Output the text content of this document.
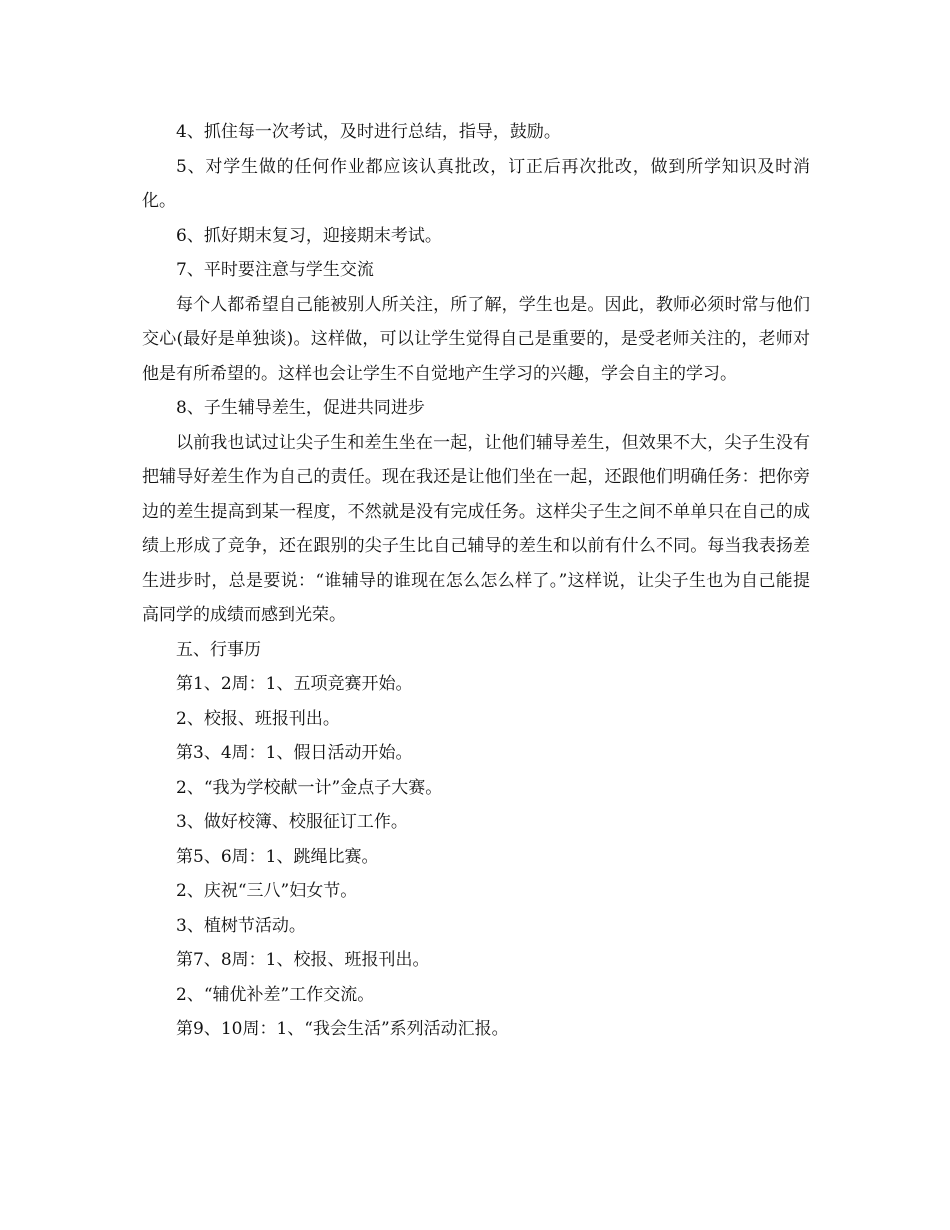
4、抓住每一次考试，及时进行总结，指导，鼓励。

5、对学生做的任何作业都应该认真批改，订正后再次批改，做到所学知识及时消化。

6、抓好期末复习，迎接期末考试。

7、平时要注意与学生交流

每个人都希望自己能被别人所关注，所了解，学生也是。因此，教师必须时常与他们交心(最好是单独谈)。这样做，可以让学生觉得自己是重要的，是受老师关注的，老师对他是有所希望的。这样也会让学生不自觉地产生学习的兴趣，学会自主的学习。

8、子生辅导差生，促进共同进步

以前我也试过让尖子生和差生坐在一起，让他们辅导差生，但效果不大，尖子生没有把辅导好差生作为自己的责任。现在我还是让他们坐在一起，还跟他们明确任务：把你旁边的差生提高到某一程度，不然就是没有完成任务。这样尖子生之间不单单只在自己的成绩上形成了竞争，还在跟别的尖子生比自己辅导的差生和以前有什么不同。每当我表扬差生进步时，总是要说：“谁辅导的谁现在怎么怎么样了。”这样说，让尖子生也为自己能提高同学的成绩而感到光荣。

五、行事历

第1、2周：1、五项竞赛开始。

2、校报、班报刊出。

第3、4周：1、假日活动开始。

2、“我为学校献一计”金点子大赛。

3、做好校簿、校服征订工作。

第5、6周：1、跳绳比赛。

2、庆祝“三八”妇女节。

3、植树节活动。

第7、8周：1、校报、班报刊出。

2、“辅优补差”工作交流。

第9、10周：1、“我会生活”系列活动汇报。
